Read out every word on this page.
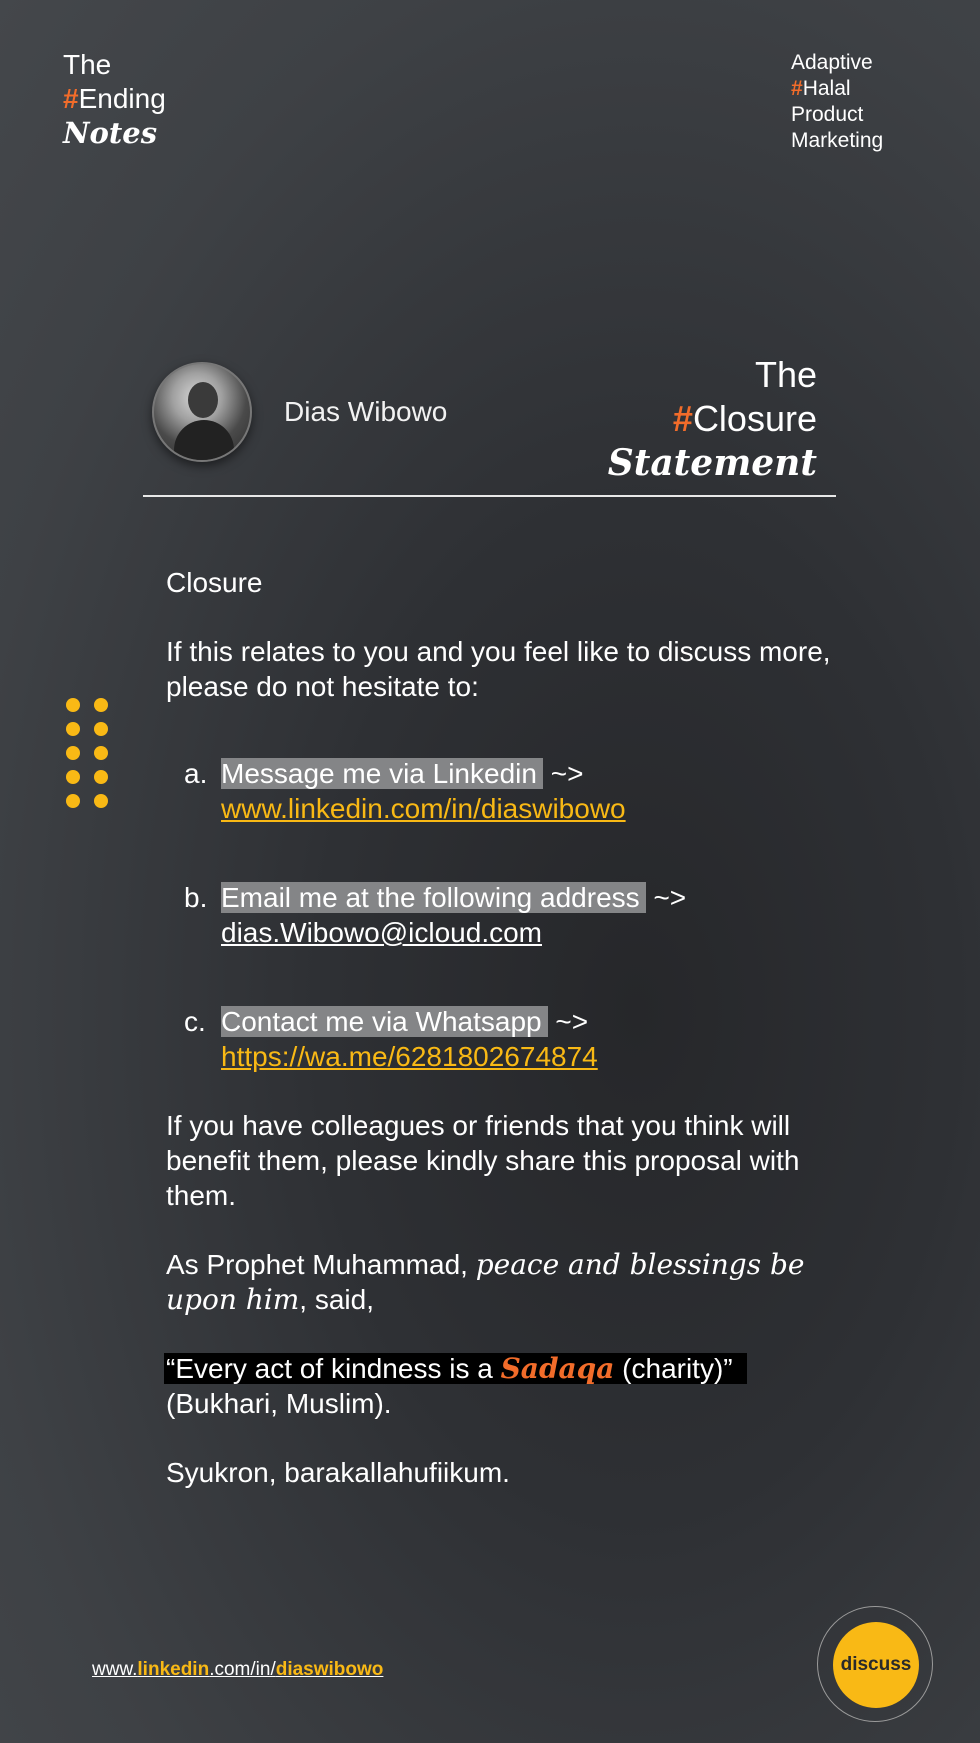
The
#Ending
Notes
Adaptive
#Halal
Product
Marketing
Dias Wibowo
The
#Closure
Statement
Closure
If this relates to you and you feel like to discuss more, please do not hesitate to:
a. Message me via Linkedin ~>
www.linkedin.com/in/diaswibowo
b. Email me at the following address ~>
dias.Wibowo@icloud.com
c. Contact me via Whatsapp ~>
https://wa.me/6281802674874
If you have colleagues or friends that you think will benefit them, please kindly share this proposal with them.
As Prophet Muhammad, peace and blessings be upon him, said,
“Every act of kindness is a Sadaqa (charity)”
(Bukhari, Muslim).
Syukron, barakallahufiikum.
www.linkedin.com/in/diaswibowo	discuss
